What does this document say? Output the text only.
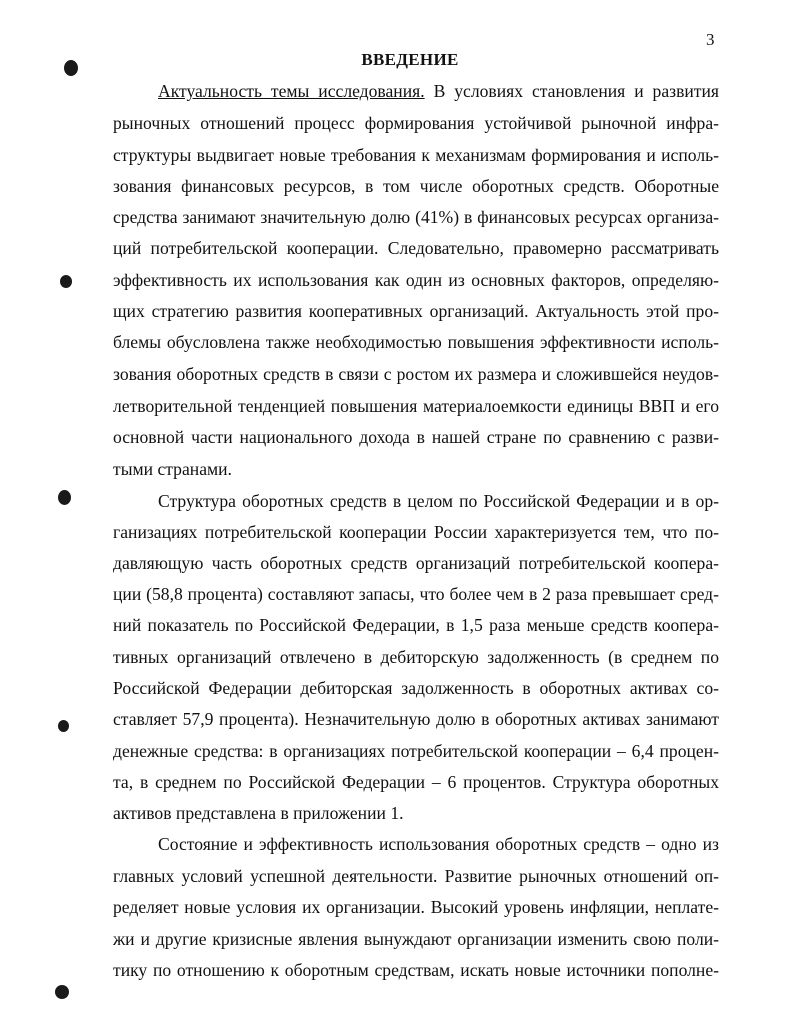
3
ВВЕДЕНИЕ
Актуальность темы исследования. В условиях становления и развития
рыночных отношений процесс формирования устойчивой рыночной инфра-
структуры выдвигает новые требования к механизмам формирования и исполь-
зования финансовых ресурсов, в том числе оборотных средств. Оборотные
средства занимают значительную долю (41%) в финансовых ресурсах организа-
ций потребительской кооперации. Следовательно, правомерно рассматривать
эффективность их использования как один из основных факторов, определяю-
щих стратегию развития кооперативных организаций. Актуальность этой про-
блемы обусловлена также необходимостью повышения эффективности исполь-
зования оборотных средств в связи с ростом их размера и сложившейся неудов-
летворительной тенденцией повышения материалоемкости единицы ВВП и его
основной части национального дохода в нашей стране по сравнению с разви-
тыми странами.
Структура оборотных средств в целом по Российской Федерации и в ор-
ганизациях потребительской кооперации России характеризуется тем, что по-
давляющую часть оборотных средств организаций потребительской коопера-
ции (58,8 процента) составляют запасы, что более чем в 2 раза превышает сред-
ний показатель по Российской Федерации, в 1,5 раза меньше средств коопера-
тивных организаций отвлечено в дебиторскую задолженность (в среднем по
Российской Федерации дебиторская задолженность в оборотных активах со-
ставляет 57,9 процента). Незначительную долю в оборотных активах занимают
денежные средства: в организациях потребительской кооперации – 6,4 процен-
та, в среднем по Российской Федерации – 6 процентов. Структура оборотных
активов представлена в приложении 1.
Состояние и эффективность использования оборотных средств – одно из
главных условий успешной деятельности. Развитие рыночных отношений оп-
ределяет новые условия их организации. Высокий уровень инфляции, неплате-
жи и другие кризисные явления вынуждают организации изменить свою поли-
тику по отношению к оборотным средствам, искать новые источники пополне-
